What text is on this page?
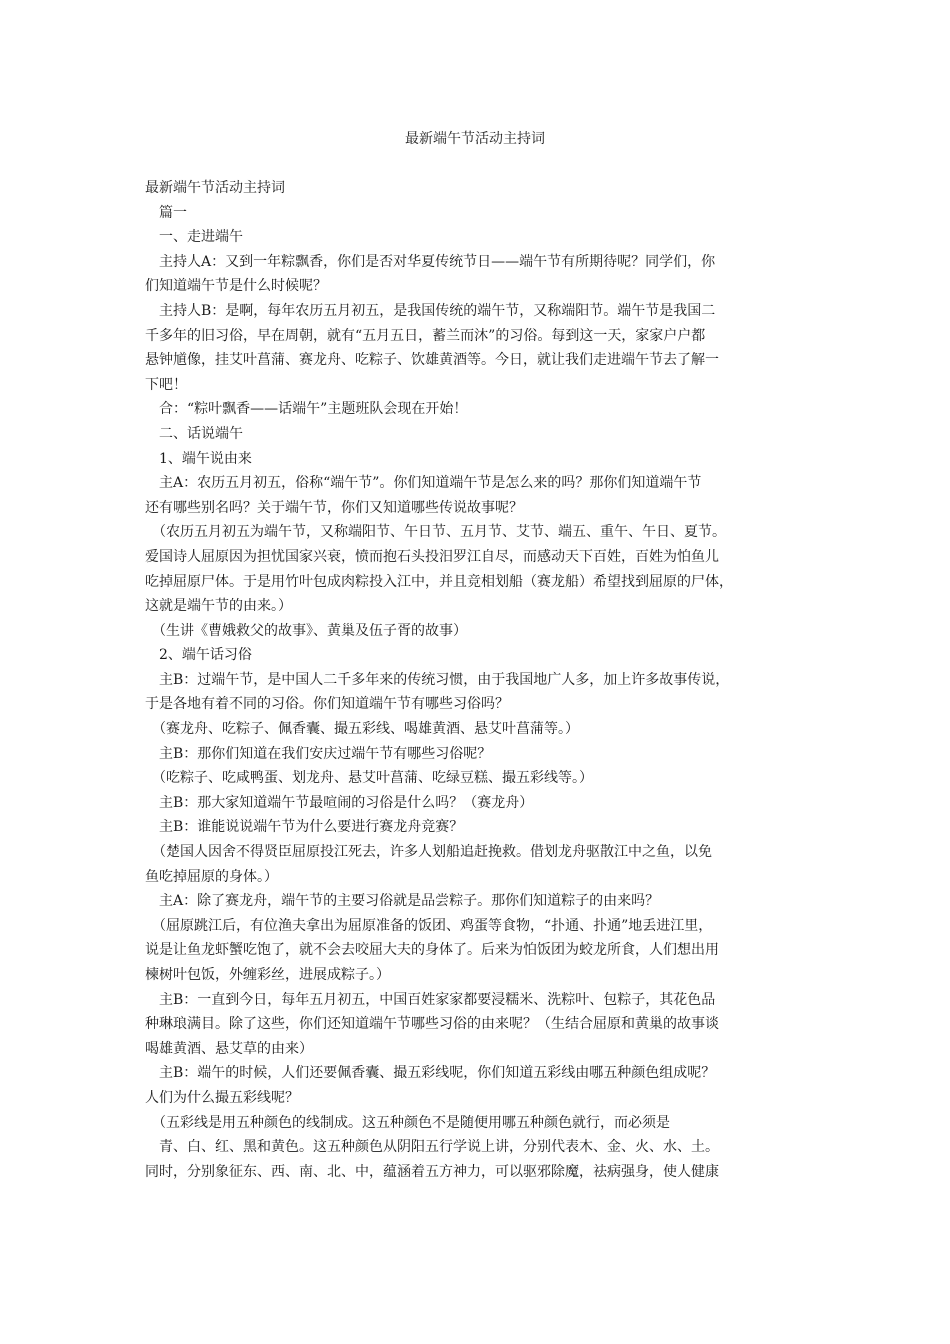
最新端午节活动主持词

最新端午节活动主持词

　篇一

　一、走进端午

　主持人A：又到一年粽飘香，你们是否对华夏传统节日——端午节有所期待呢？同学们，你

们知道端午节是什么时候呢？

　主持人B：是啊，每年农历五月初五，是我国传统的端午节，又称端阳节。端午节是我国二

千多年的旧习俗，早在周朝，就有“五月五日，蓄兰而沐”的习俗。每到这一天，家家户户都

悬钟馗像，挂艾叶菖蒲、赛龙舟、吃粽子、饮雄黄酒等。今日，就让我们走进端午节去了解一

下吧！

　合：“粽叶飘香——话端午”主题班队会现在开始！

　二、话说端午

　1、端午说由来

　主A：农历五月初五，俗称“端午节”。你们知道端午节是怎么来的吗？那你们知道端午节

还有哪些别名吗？关于端午节，你们又知道哪些传说故事呢？

　（农历五月初五为端午节，又称端阳节、午日节、五月节、艾节、端五、重午、午日、夏节。

爱国诗人屈原因为担忧国家兴衰，愤而抱石头投汨罗江自尽，而感动天下百姓，百姓为怕鱼儿

吃掉屈原尸体。于是用竹叶包成肉粽投入江中，并且竞相划船（赛龙船）希望找到屈原的尸体，

这就是端午节的由来。）

　（生讲《曹娥救父的故事》、黄巢及伍子胥的故事）

　2、端午话习俗

　主B：过端午节，是中国人二千多年来的传统习惯，由于我国地广人多，加上许多故事传说，

于是各地有着不同的习俗。你们知道端午节有哪些习俗吗？

　（赛龙舟、吃粽子、佩香囊、撮五彩线、喝雄黄酒、悬艾叶菖蒲等。）

　主B：那你们知道在我们安庆过端午节有哪些习俗呢？

　（吃粽子、吃咸鸭蛋、划龙舟、悬艾叶菖蒲、吃绿豆糕、撮五彩线等。）

　主B：那大家知道端午节最喧闹的习俗是什么吗？（赛龙舟）

　主B：谁能说说端午节为什么要进行赛龙舟竞赛？

　（楚国人因舍不得贤臣屈原投江死去，许多人划船追赶挽救。借划龙舟驱散江中之鱼，以免

鱼吃掉屈原的身体。）

　主A：除了赛龙舟，端午节的主要习俗就是品尝粽子。那你们知道粽子的由来吗？

　（屈原跳江后，有位渔夫拿出为屈原准备的饭团、鸡蛋等食物，“扑通、扑通”地丢进江里，

说是让鱼龙虾蟹吃饱了，就不会去咬屈大夫的身体了。后来为怕饭团为蛟龙所食，人们想出用

楝树叶包饭，外缠彩丝，进展成粽子。）

　主B：一直到今日，每年五月初五，中国百姓家家都要浸糯米、洗粽叶、包粽子，其花色品

种琳琅满目。除了这些，你们还知道端午节哪些习俗的由来呢？（生结合屈原和黄巢的故事谈

喝雄黄酒、悬艾草的由来）

　主B：端午的时候，人们还要佩香囊、撮五彩线呢，你们知道五彩线由哪五种颜色组成呢？

人们为什么撮五彩线呢？

　（五彩线是用五种颜色的线制成。这五种颜色不是随便用哪五种颜色就行，而必须是

　青、白、红、黑和黄色。这五种颜色从阴阳五行学说上讲，分别代表木、金、火、水、土。

同时，分别象征东、西、南、北、中，蕴涵着五方神力，可以驱邪除魔，祛病强身，使人健康
